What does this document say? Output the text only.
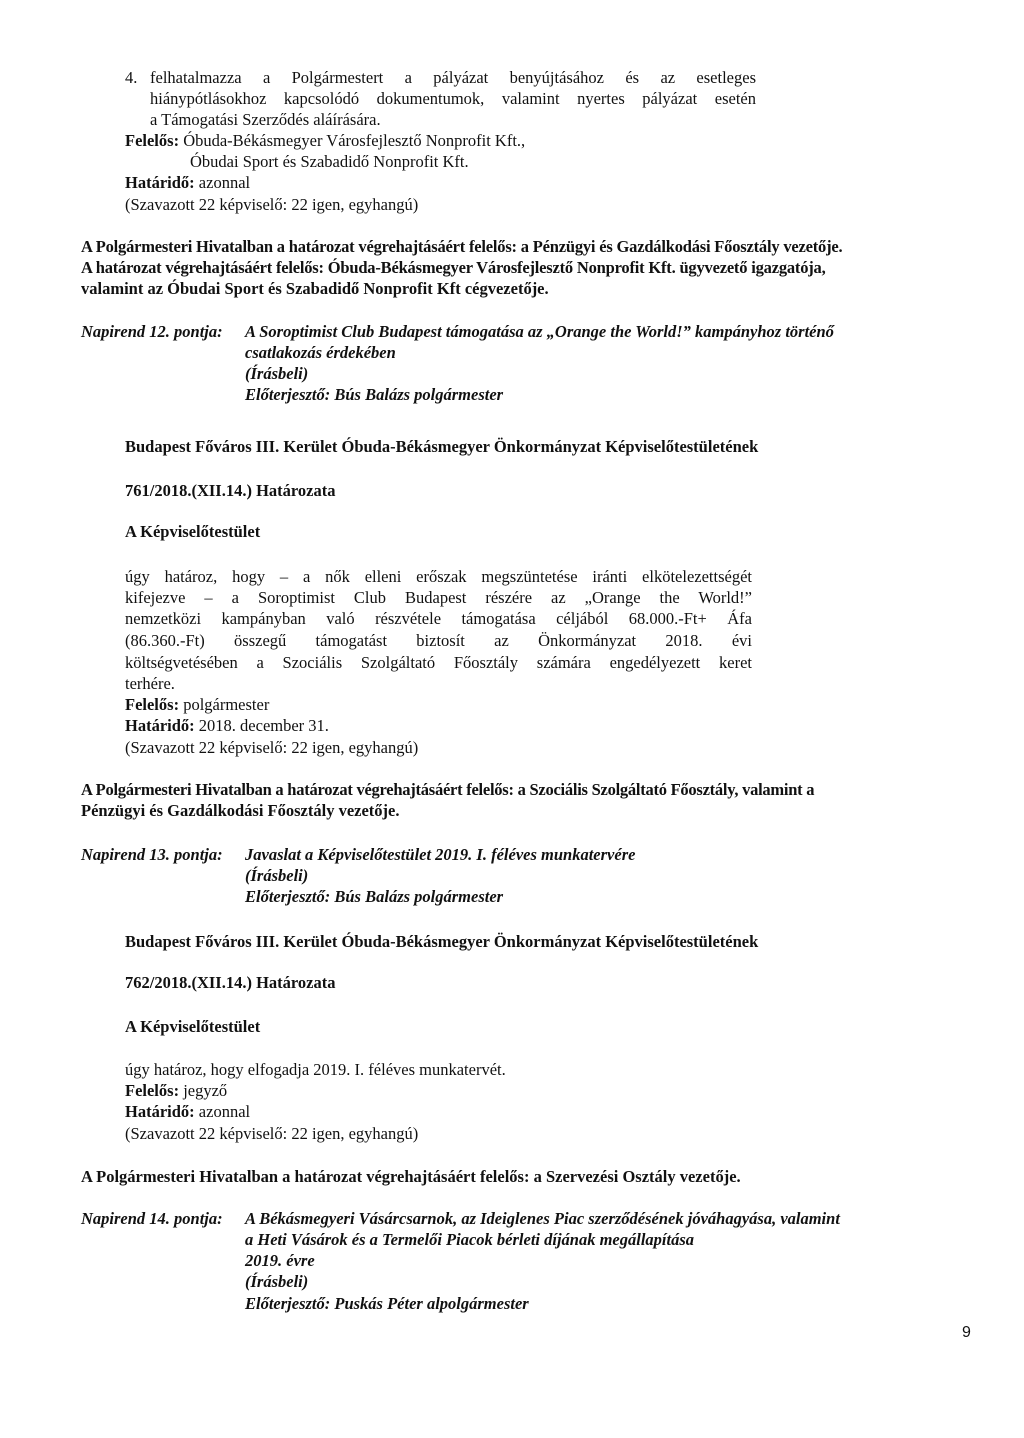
4. felhatalmazza a Polgármestert a pályázat benyújtásához és az esetleges
hiánypótlásokhoz kapcsolódó dokumentumok, valamint nyertes pályázat esetén
a Támogatási Szerződés aláírására.
Felelős: Óbuda-Békásmegyer Városfejlesztő Nonprofit Kft.,
Óbudai Sport és Szabadidő Nonprofit Kft.
Határidő: azonnal
(Szavazott 22 képviselő: 22 igen, egyhangú)
A Polgármesteri Hivatalban a határozat végrehajtásáért felelős: a Pénzügyi és Gazdálkodási Főosztály vezetője.
A határozat végrehajtásáért felelős: Óbuda-Békásmegyer Városfejlesztő Nonprofit Kft. ügyvezető igazgatója,
valamint az Óbudai Sport és Szabadidő Nonprofit Kft cégvezetője.
Napirend 12. pontja: A Soroptimist Club Budapest támogatása az „Orange the World!” kampányhoz történő
csatlakozás érdekében
(Írásbeli)
Előterjesztő: Bús Balázs polgármester
Budapest Főváros III. Kerület Óbuda-Békásmegyer Önkormányzat Képviselőtestületének
761/2018.(XII.14.) Határozata
A Képviselőtestület
úgy határoz, hogy – a nők elleni erőszak megszüntetése iránti elkötelezettségét
kifejezve – a Soroptimist Club Budapest részére az „Orange the World!”
nemzetközi kampányban való részvétele támogatása céljából 68.000.-Ft+ Áfa
(86.360.-Ft) összegű támogatást biztosít az Önkormányzat 2018. évi
költségvetésében a Szociális Szolgáltató Főosztály számára engedélyezett keret
terhére.
Felelős: polgármester
Határidő: 2018. december 31.
(Szavazott 22 képviselő: 22 igen, egyhangú)
A Polgármesteri Hivatalban a határozat végrehajtásáért felelős: a Szociális Szolgáltató Főosztály, valamint a
Pénzügyi és Gazdálkodási Főosztály vezetője.
Napirend 13. pontja: Javaslat a Képviselőtestület 2019. I. féléves munkatervére
(Írásbeli)
Előterjesztő: Bús Balázs polgármester
Budapest Főváros III. Kerület Óbuda-Békásmegyer Önkormányzat Képviselőtestületének
762/2018.(XII.14.) Határozata
A Képviselőtestület
úgy határoz, hogy elfogadja 2019. I. féléves munkatervét.
Felelős: jegyző
Határidő: azonnal
(Szavazott 22 képviselő: 22 igen, egyhangú)
A Polgármesteri Hivatalban a határozat végrehajtásáért felelős: a Szervezési Osztály vezetője.
Napirend 14. pontja: A Békásmegyeri Vásárcsarnok, az Ideiglenes Piac szerződésének jóváhagyása, valamint
a Heti Vásárok és a Termelői Piacok bérleti díjának megállapítása
2019. évre
(Írásbeli)
Előterjesztő: Puskás Péter alpolgármester
9
